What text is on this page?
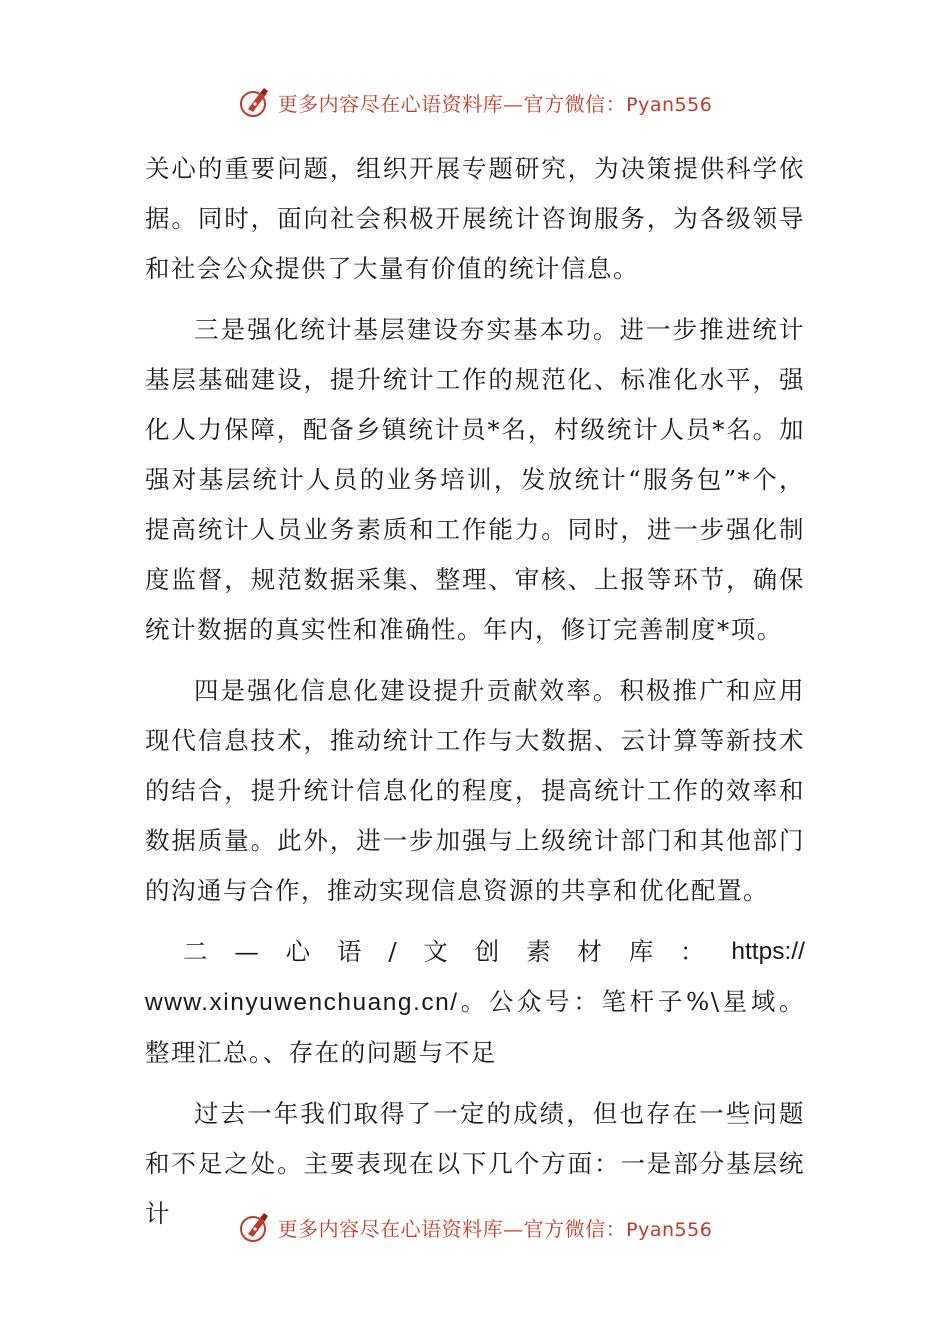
更多内容尽在心语资料库—官方微信：Pyan556

关心的重要问题，组织开展专题研究，为决策提供科学依据。同时，面向社会积极开展统计咨询服务，为各级领导和社会公众提供了大量有价值的统计信息。

三是强化统计基层建设夯实基本功。进一步推进统计基层基础建设，提升统计工作的规范化、标准化水平，强化人力保障，配备乡镇统计员*名，村级统计人员*名。加强对基层统计人员的业务培训，发放统计“服务包”*个，提高统计人员业务素质和工作能力。同时，进一步强化制度监督，规范数据采集、整理、审核、上报等环节，确保统计数据的真实性和准确性。年内，修订完善制度*项。

四是强化信息化建设提升贡献效率。积极推广和应用现代信息技术，推动统计工作与大数据、云计算等新技术的结合，提升统计信息化的程度，提高统计工作的效率和数据质量。此外，进一步加强与上级统计部门和其他部门的沟通与合作，推动实现信息资源的共享和优化配置。

二 — 心 语 / 文 创 素 材 库 ： https://

www.xinyuwenchuang.cn/。公众号：笔杆子%\星域。整理汇总。、存在的问题与不足

过去一年我们取得了一定的成绩，但也存在一些问题和不足之处。主要表现在以下几个方面：一是部分基层统计

更多内容尽在心语资料库—官方微信：Pyan556
